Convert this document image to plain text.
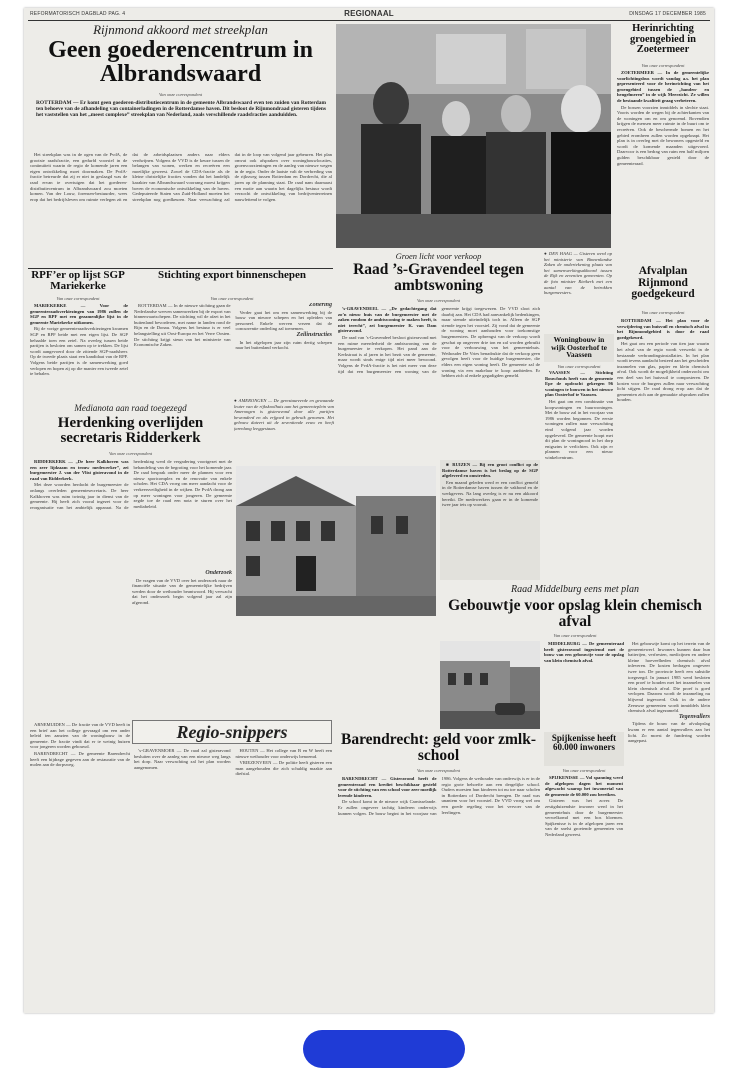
REFORMATORISCH DAGBLAD PAG. 4	REGIONAAL	DINSDAG 17 DECEMBER 1985
Rijnmond akkoord met streekplan
Geen goederencentrum in Albrandswaard
Van onze correspondent
ROTTERDAM — Er komt geen goederen-distributiecentrum in de gemeente Albrandswaard even ten zuiden van Rotterdam ten behoeve van de afhandeling van containerladingen in de Rotterdamse haven. Dit besloot de Rijnmondraad gisteren tijdens het vaststellen van het „meest complexe” streekplan van Nederland, zoals verschillende raadsfracties aanduidden.

Het streekplan was in de ogen van de PvdA, de grootste raadsfractie, een gedurfd voorstel in de continuïteit waarin de regio de komende jaren een eigen ontwikkeling moet doormaken. De PvdA-fractie betreurde dat zij er niet in geslaagd was de raad ervan te overtuigen dat het goederen-distributiecentrum in Albrandswaard zou moeten komen. Van der Louw, forensen-bestuurder, wees erop dat het bedrijfsleven om ruimte verlegen zit en dat de arbeidsplaatsen anders naar elders verdwijnen. Volgens de VVD is de keuze tussen de belangen van wonen, werken en recreëren een moeilijke geweest. Zowel de CDA-fractie als de kleine christelijke fracties vonden dat het landelijk karakter van Albrandswaard voorrang moest krijgen boven de economische ontwikkeling van de haven. Gedeputeerde Staten van Zuid-Holland moeten het streekplan nog goedkeuren. Naar verwachting zal dat in de loop van volgend jaar gebeuren. Het plan omvat ook afspraken over woningbouwlocaties, groenvoorzieningen en de aanleg van nieuwe wegen in de regio. Onder de laatste valt de verbreding van de rijksweg tussen Rotterdam en Dordrecht, die al jaren op de planning staat. De raad nam daarnaast een motie aan waarin het dagelijks bestuur wordt verzocht de ontwikkeling van bedrijventerreinen nauwlettend te volgen.

Herinrichting groengebied in Zoetermeer
Van onze correspondent

ZOETERMEER — In de gemeentelijke voorlichtingsbus wordt vandag a.s. het plan gepresenteerd voor de herinrichting van het groengebied tussen de „handen- en hengelmeren” in de wijk Meerzicht. Ze willen de bestaande kwaliteit graag verbeteren.

De bossen voorzien inmiddels in slechte staat. Voorts worden de wegen bij de achterkanten van de woningen om en om genoemd. Bovendien krijgen de mensen meer ruimte in de buurt om te recreëren. Ook de beschermde bomen en het gebied eromheen zullen worden opgeknapt. Het plan is in overleg met de bewoners opgesteld en wordt de komende maanden uitgevoerd. Daarvoor is een bedrag van ruim een half miljoen gulden beschikbaar gesteld door de gemeenteraad.

Afvalplan Rijnmond goedgekeurd
Van onze correspondent

ROTTERDAM — Het plan voor de verwijdering van huisvuil en chemisch afval in het Rijnmondgebied is door de raad goedgekeurd.

Het gaat om een periode van tien jaar waarin het afval van de regio wordt verwerkt in de bestaande verbrandingsinstallaties. In het plan wordt tevens aandacht besteed aan het gescheiden inzamelen van glas, papier en klein chemisch afval. Ook wordt de mogelijkheid onderzocht om een deel van het huisvuil te composteren. De kosten voor de burgers zullen naar verwachting licht stijgen. De raad drong erop aan dat de gemeenten zich aan de gemaakte afspraken zullen houden.

Groen licht voor verkoop
Raad ’s-Gravendeel tegen ambtswoning
Van onze correspondent

’s-GRAVENDEEL — „De gedachtegang dat zo’n nieuw huis van de burgemeester met de zaken rondom de ambtswoning te maken heeft, is niet terecht”, zei burgemeester K. van Dam gisteravond.

De raad van ’s-Gravendeel besloot gisteravond met een ruime meerderheid de ambtswoning van de burgemeester te verkopen. Het pand aan de Kerkstraat is al jaren in het bezit van de gemeente, maar wordt sinds enige tijd niet meer bewoond. Volgens de PvdA-fractie is het niet meer van deze tijd dat een burgemeester een woning van de gemeente krijgt toegewezen. De VVD sloot zich daarbij aan. Het CDA had aanvankelijk bedenkingen, maar stemde uiteindelijk toch in. Alleen de SGP stemde tegen het voorstel. Zij vond dat de gemeente de woning moet aanhouden voor toekomstige burgemeesters. De opbrengst van de verkoop wordt geschat op ongeveer drie ton en zal worden gebruikt voor de verbouwing van het gemeentehuis. Wethouder De Vries benadrukte dat de verkoop geen gevolgen heeft voor de huidige burgemeester, die elders een eigen woning heeft. De gemeente zal de woning via een makelaar te koop aanbieden. Er hebben zich al enkele gegadigden gemeld.

■ RUIZEN — Bij een groot conflict op de Rotterdamse haven is het beslag op de SGP afgeleverd en omstreden.

Een maand geleden werd er een conflict gemeld in de Rotterdamse haven tussen de vakbond en de werkgevers. Na lang overleg is er nu een akkoord bereikt. De medewerkers gaan er in de komende twee jaar iets op vooruit.

● DEN HAAG — Gisteren werd op het ministerie van Binnenlandse Zaken de ondertekening plaats van het samenwerkingsakkoord tussen de Rijk en zeventien gemeenten. Op de foto minister Rietkerk met een aantal van de betrokken burgemeesters.
Woningbouw in wijk Oosterhof te Vaassen
Van onze correspondent

VAASSEN — Stichting Bouwfonds heeft van de gemeente Epe de opdracht gekregen 96 woningen te bouwen in het nieuwe plan Oosterhof te Vaassen.

Het gaat om een combinatie van koopwoningen en huurwoningen. Met de bouw zal in het voorjaar van 1986 worden begonnen. De eerste woningen zullen naar verwachting eind volgend jaar worden opgeleverd. De gemeente hoopt met dit plan de woningnood in het dorp enigszins te verlichten. Ook zijn er plannen voor een nieuw winkelcentrum.

RPF’er op lijst SGP Mariekerke
Van onze correspondent

MARIEKERKE — Voor de gemeenteraadsverkiezingen van 1986 zullen de SGP en RPF met een gezamenlijke lijst in de gemeente Mariekerke uitkomen.

Bij de vorige gemeenteraadsverkiezingen kwamen SGP en RPF beide met een eigen lijst. De SGP behaalde toen een zetel. Na overleg tussen beide partijen is besloten om samen op te trekken. De lijst wordt aangevoerd door de zittende SGP-raadsheer. Op de tweede plaats staat een kandidaat van de RPF. Volgens beide partijen is de samenwerking goed verlopen en hopen zij op die manier een tweede zetel te behalen.

Stichting export binnenschepen
Van onze correspondent

ROTTERDAM — In de nieuwe stichting gaan de Nederlandse werven samenwerken bij de export van binnenvaartschepen. De stichting wil de afzet in het buitenland bevorderen, met name in landen rond de Rijn en de Donau. Volgens het bestuur is er veel belangstelling uit Oost-Europa en het Verre Oosten. De stichting krijgt steun van het ministerie van Economische Zaken.

Zonering

Verder gaat het om een samenwerking bij de bouw van nieuwe schepen en het opleiden van personeel. Enkele werven vrezen dat de concurrentie onderling zal toenemen.

Zeilinstructies

In het afgelopen jaar zijn ruim dertig schepen naar het buitenland verkocht.

● AMERONGEN — De gerestaureerde en gewaande leuter van de rijkskoolhuis aan het gemeenteplein van Amerongen is gisteravond door alle partijen bewonderd en als erfgoed in gebruik genomen. Het gebouw dateert uit de zeventiende eeuw en heeft jarenlang leeggestaan.
Medianota aan raad toegezegd
Herdenking overlijden secretaris Ridderkerk
Van onze correspondent

RIDDERKERK — „De heer Kalkhoven was een zeer lijdzaam en trouw medewerker”, zei burgemeester J. van der Vlist gisteravond in de raad van Ridderkerk.

Met deze woorden herdacht de burgemeester de onlangs overleden gemeentesecretaris. De heer Kalkhoven was ruim twintig jaar in dienst van de gemeente. Hij heeft zich vooral ingezet voor de reorganisatie van het ambtelijk apparaat. Na de herdenking werd de vergadering voortgezet met de behandeling van de begroting voor het komende jaar. De raad besprak onder meer de plannen voor een nieuw sportcomplex en de renovatie van enkele scholen. Het CDA vroeg om meer aandacht voor de verkeersveiligheid in de wijken. De PvdA drong aan op meer woningen voor jongeren. De gemeente zegde toe de raad een nota te sturen over het mediabeleid.

Onderzoek

De vragen van de VVD over het onderzoek naar de financiële situatie van de gemeentelijke bedrijven werden door de wethouder beantwoord. Hij verwacht dat het onderzoek begin volgend jaar zal zijn afgerond.

Raad Middelburg eens met plan
Gebouwtje voor opslag klein chemisch afval
Van onze correspondent

MIDDELBURG — De gemeenteraad heeft gisteravond ingestemd met de bouw van een gebouwtje voor de opslag van klein chemisch afval.

Het gebouwtje komt op het terrein van de gemeentewerf. Inwoners kunnen daar hun batterijen, verfresten, medicijnen en andere kleine hoeveelheden chemisch afval inleveren. De kosten bedragen ongeveer twee ton. De provincie heeft een subsidie toegezegd. In januari 1985 werd besloten een proef te houden met het inzamelen van klein chemisch afval. Die proef is goed verlopen. Daarom wordt de inzameling nu blijvend ingevoerd. Ook in de andere Zeeuwse gemeenten wordt inmiddels klein chemisch afval ingezameld.

Tegenvallers

Tijdens de bouw van de afvalopslag kwam er een aantal tegenvallers aan het licht. Zo moest de fundering worden aangepast.

Spijkenisse heeft 60.000 inwoners
Van onze correspondent

SPIJKENISSE — Vol spanning werd de afgelopen dagen het moment afgewacht waarop het inwonertal van de gemeente de 60.000 zou bereiken.

Gisteren was het zover. De zestigduizendste inwoner werd in het gemeentehuis door de burgemeester verwelkomd met een bos bloemen. Spijkenisse is in de afgelopen jaren een van de snelst groeiende gemeenten van Nederland geweest.

ARNEMUIDEN — De fractie van de VVD heeft in een brief aan het college gevraagd om een ander beleid ten aanzien van de woningbouw in de gemeente. De fractie vindt dat er te weinig huizen voor jongeren worden gebouwd.

BARENDRECHT — De gemeente Barendrecht heeft een bijdrage gegeven aan de restauratie van de molen aan de dorpsweg.

Regio-snippers

’s-GRAVENMOER — De raad zal gisteravond besluiten over de aanleg van een nieuwe weg langs het dorp. Naar verwachting zal het plan worden aangenomen.

HOUTEN — Het college van B en W heeft een nieuwe wethouder voor onderwijs benoemd.

VRIEZENVEEN — De politie heeft gisteren een man aangehouden die zich schuldig maakte aan diefstal.

Barendrecht: geld voor zmlk-school
Van onze correspondent

BARENDRECHT — Gisteravond heeft de gemeenteraad een krediet beschikbaar gesteld voor de stichting van een school voor zeer moeilijk lerende kinderen.

De school komt in de nieuwe wijk Carnisselande. Er zullen ongeveer tachtig kinderen onderwijs kunnen volgen. De bouw begint in het voorjaar van 1986. Volgens de wethouder van onderwijs is er in de regio grote behoefte aan een dergelijke school. Ouders moesten hun kinderen tot nu toe naar scholen in Rotterdam of Dordrecht brengen. De raad was unaniem voor het voorstel. De VVD vroeg wel om een goede regeling voor het vervoer van de leerlingen.
